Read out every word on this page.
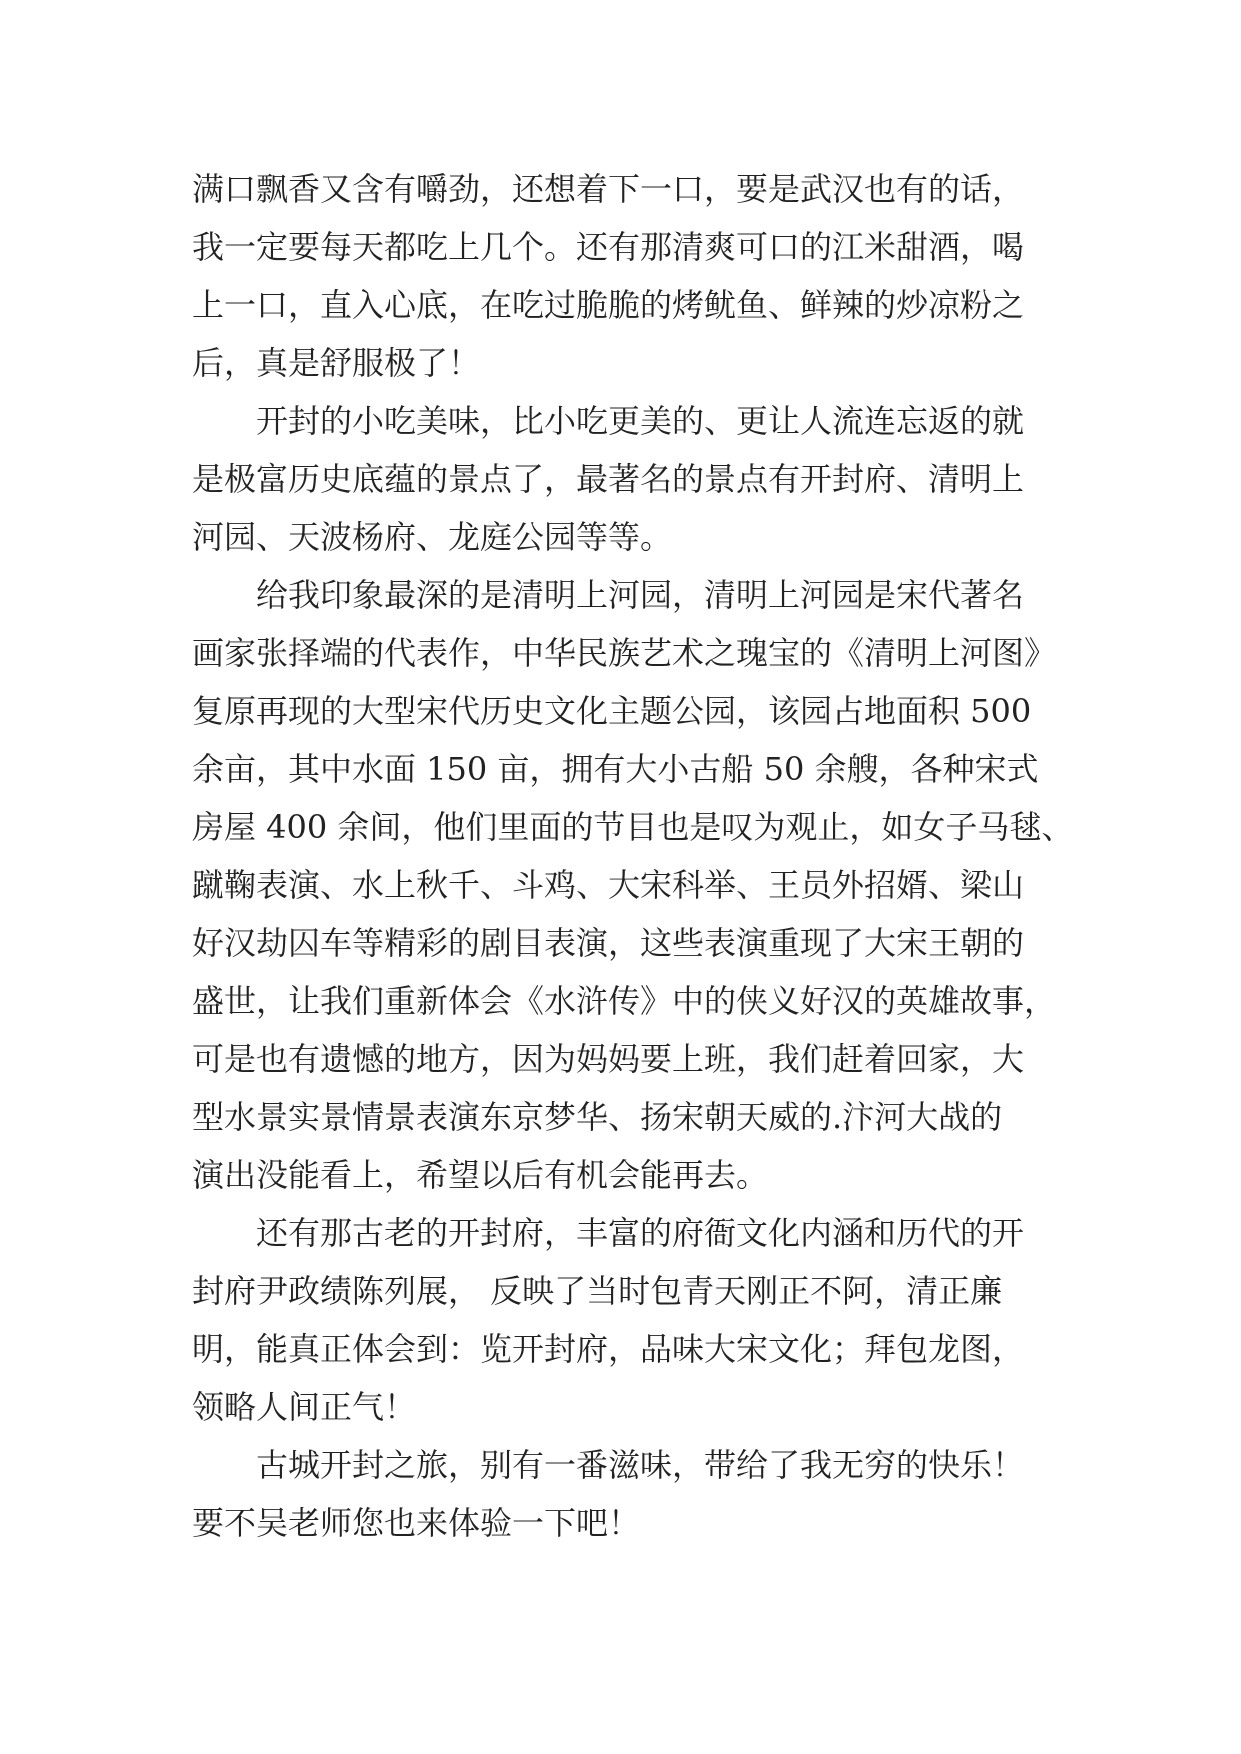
满口飘香又含有嚼劲，还想着下一口，要是武汉也有的话，
我一定要每天都吃上几个。还有那清爽可口的江米甜酒，喝
上一口，直入心底，在吃过脆脆的烤鱿鱼、鲜辣的炒凉粉之
后，真是舒服极了！

开封的小吃美味，比小吃更美的、更让人流连忘返的就
是极富历史底蕴的景点了，最著名的景点有开封府、清明上
河园、天波杨府、龙庭公园等等。

给我印象最深的是清明上河园，清明上河园是宋代著名
画家张择端的代表作，中华民族艺术之瑰宝的《清明上河图》
复原再现的大型宋代历史文化主题公园，该园占地面积 500
余亩，其中水面 150 亩，拥有大小古船 50 余艘，各种宋式
房屋 400 余间，他们里面的节目也是叹为观止，如女子马毬、
蹴鞠表演、水上秋千、斗鸡、大宋科举、王员外招婿、梁山
好汉劫囚车等精彩的剧目表演，这些表演重现了大宋王朝的
盛世，让我们重新体会《水浒传》中的侠义好汉的英雄故事，
可是也有遗憾的地方，因为妈妈要上班，我们赶着回家，大
型水景实景情景表演东京梦华、扬宋朝天威的.汴河大战的
演出没能看上，希望以后有机会能再去。

还有那古老的开封府，丰富的府衙文化内涵和历代的开
封府尹政绩陈列展， 反映了当时包青天刚正不阿，清正廉
明，能真正体会到：览开封府，品味大宋文化；拜包龙图，
领略人间正气！

古城开封之旅，别有一番滋味，带给了我无穷的快乐！
要不吴老师您也来体验一下吧！
